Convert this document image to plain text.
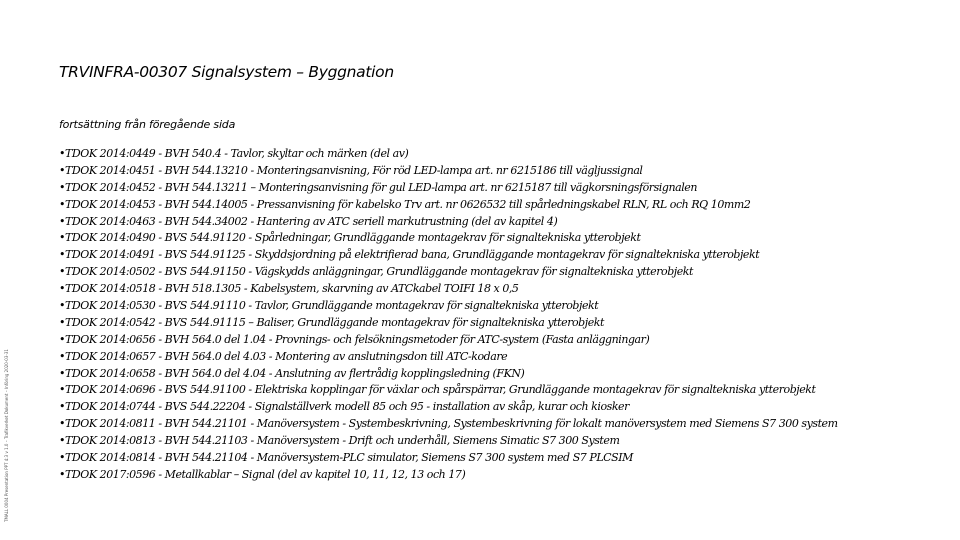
TRVINFRA-00307 Signalsystem – Byggnation
fortsättning från föregående sida
TMALL 0004 Presentation PPT 4:3 v 1.0 – Trafikverket Dokument – Införing 2020-03-31
•TDOK 2014:0449 - BVH 540.4 - Tavlor, skyltar och märken (del av)
•TDOK 2014:0451 - BVH 544.13210 - Monteringsanvisning, För röd LED-lampa art. nr 6215186 till vägljussignal
•TDOK 2014:0452 - BVH 544.13211 – Monteringsanvisning för gul LED-lampa art. nr 6215187 till vägkorsningsförsignalen
•TDOK 2014:0453 - BVH 544.14005 - Pressanvisning för kabelsko Trv art. nr 0626532 till spårledningskabel RLN, RL och RQ 10mm2
•TDOK 2014:0463 - BVH 544.34002 - Hantering av ATC seriell markutrustning (del av kapitel 4)
•TDOK 2014:0490 - BVS 544.91120 - Spårledningar, Grundläggande montagekrav för signaltekniska ytterobjekt
•TDOK 2014:0491 - BVS 544.91125 - Skyddsjordning på elektrifierad bana, Grundläggande montagekrav för signaltekniska ytterobjekt
•TDOK 2014:0502 - BVS 544.91150 - Vägskydds anläggningar, Grundläggande montagekrav för signaltekniska ytterobjekt
•TDOK 2014:0518 - BVH 518.1305 - Kabelsystem, skarvning av ATCkabel TOIFI 18 x 0,5
•TDOK 2014:0530 - BVS 544.91110 - Tavlor, Grundläggande montagekrav för signaltekniska ytterobjekt
•TDOK 2014:0542 - BVS 544.91115 – Baliser, Grundläggande montagekrav för signaltekniska ytterobjekt
•TDOK 2014:0656 - BVH 564.0 del 1.04 - Provnings- och felsökningsmetoder för ATC-system (Fasta anläggningar)
•TDOK 2014:0657 - BVH 564.0 del 4.03 - Montering av anslutningsdon till ATC-kodare
•TDOK 2014:0658 - BVH 564.0 del 4.04 - Anslutning av flertrådig kopplingsledning (FKN)
•TDOK 2014:0696 - BVS 544.91100 - Elektriska kopplingar för växlar och spårspärrar, Grundläggande montagekrav för signaltekniska ytterobjekt
•TDOK 2014:0744 - BVS 544.22204 - Signalställverk modell 85 och 95 - installation av skåp, kurar och kiosker
•TDOK 2014:0811 - BVH 544.21101 - Manöversystem - Systembeskrivning, Systembeskrivning för lokalt manöversystem med Siemens S7 300 system
•TDOK 2014:0813 - BVH 544.21103 - Manöversystem - Drift och underhåll, Siemens Simatic S7 300 System
•TDOK 2014:0814 - BVH 544.21104 - Manöversystem-PLC simulator, Siemens S7 300 system med S7 PLCSIM
•TDOK 2017:0596 - Metallkablar – Signal (del av kapitel 10, 11, 12, 13 och 17)
